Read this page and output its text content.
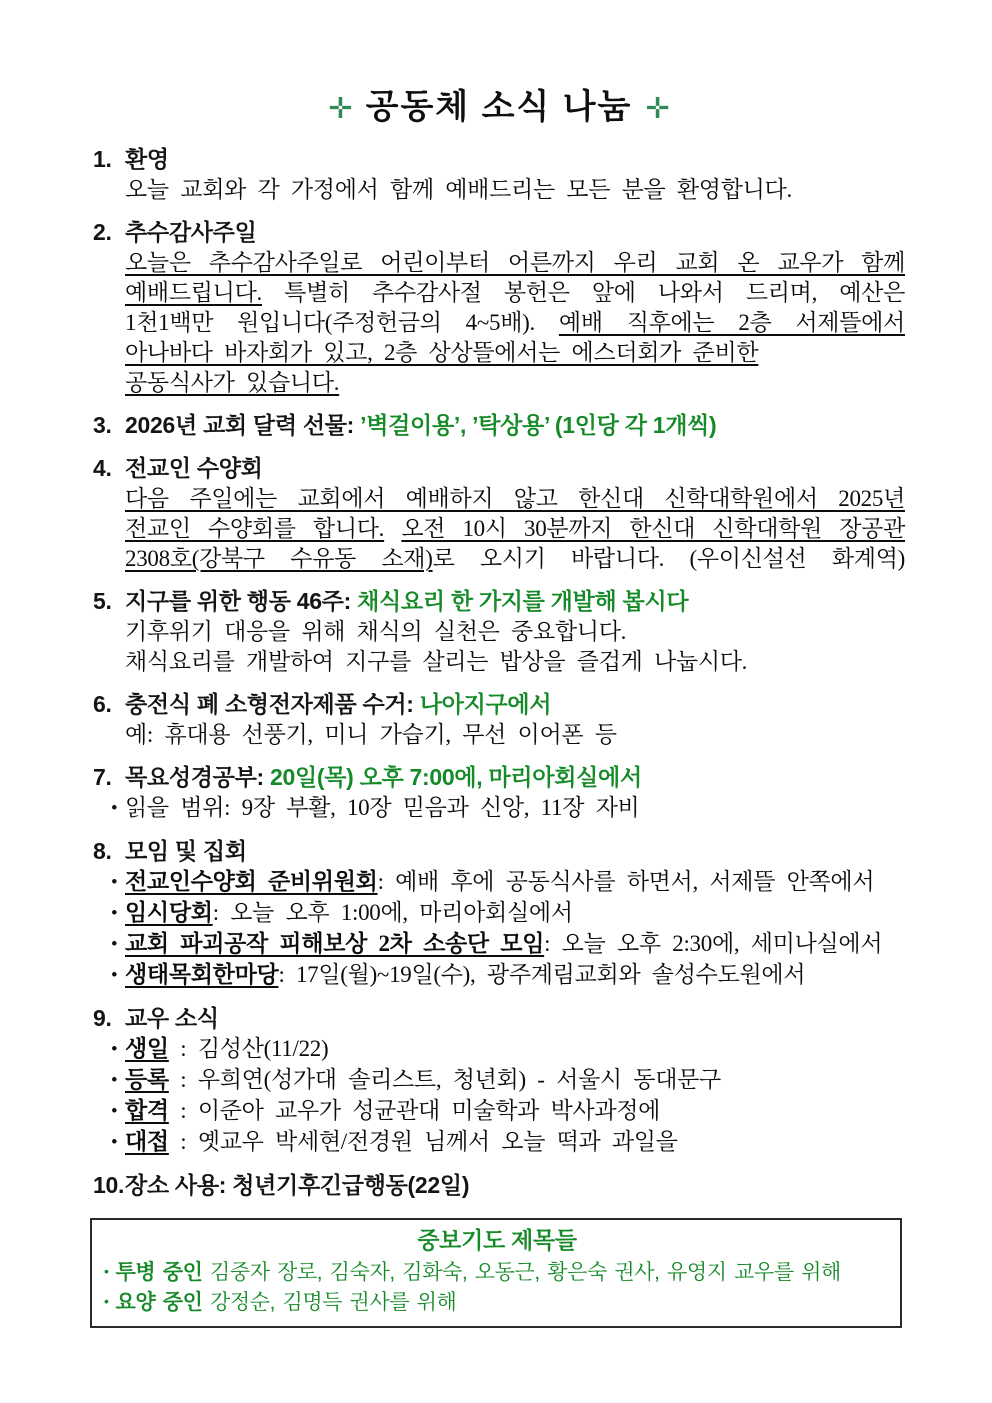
✛ 공동체 소식 나눔 ✛
1. 환영
오늘 교회와 각 가정에서 함께 예배드리는 모든 분을 환영합니다.
2. 추수감사주일
오늘은 추수감사주일로 어린이부터 어른까지 우리 교회 온 교우가 함께
예배드립니다. 특별히 추수감사절 봉헌은 앞에 나와서 드리며, 예산은
1천1백만 원입니다(주정헌금의 4~5배). 예배 직후에는 2층 서제뜰에서
아나바다 바자회가 있고, 2층 상상뜰에서는 에스더회가 준비한
공동식사가 있습니다.
3. 2026년 교회 달력 선물: ’벽걸이용’, ’탁상용’ (1인당 각 1개씩)
4. 전교인 수양회
다음 주일에는 교회에서 예배하지 않고 한신대 신학대학원에서 2025년
전교인 수양회를 합니다. 오전 10시 30분까지 한신대 신학대학원 장공관
2308호(강북구 수유동 소재)로 오시기 바랍니다. (우이신설선 화계역)
5. 지구를 위한 행동 46주: 채식요리 한 가지를 개발해 봅시다
기후위기 대응을 위해 채식의 실천은 중요합니다.
채식요리를 개발하여 지구를 살리는 밥상을 즐겁게 나눕시다.
6. 충전식 폐 소형전자제품 수거: 나아지구에서
예: 휴대용 선풍기, 미니 가습기, 무선 이어폰 등
7. 목요성경공부: 20일(목) 오후 7:00에, 마리아회실에서
• 읽을 범위: 9장 부활, 10장 믿음과 신앙, 11장 자비
8. 모임 및 집회
• 전교인수양회 준비위원회: 예배 후에 공동식사를 하면서, 서제뜰 안쪽에서
• 임시당회: 오늘 오후 1:00에, 마리아회실에서
• 교회 파괴공작 피해보상 2차 소송단 모임: 오늘 오후 2:30에, 세미나실에서
• 생태목회한마당: 17일(월)~19일(수), 광주계림교회와 솔성수도원에서
9. 교우 소식
• 생일 : 김성산(11/22)
• 등록 : 우희연(성가대 솔리스트, 청년회) - 서울시 동대문구
• 합격 : 이준아 교우가 성균관대 미술학과 박사과정에
• 대접 : 옛교우 박세현/전경원 님께서 오늘 떡과 과일을
10. 장소 사용: 청년기후긴급행동(22일)
중보기도 제목들
• 투병 중인 김중자 장로, 김숙자, 김화숙, 오동근, 황은숙 권사, 유영지 교우를 위해
• 요양 중인 강정순, 김명득 권사를 위해
